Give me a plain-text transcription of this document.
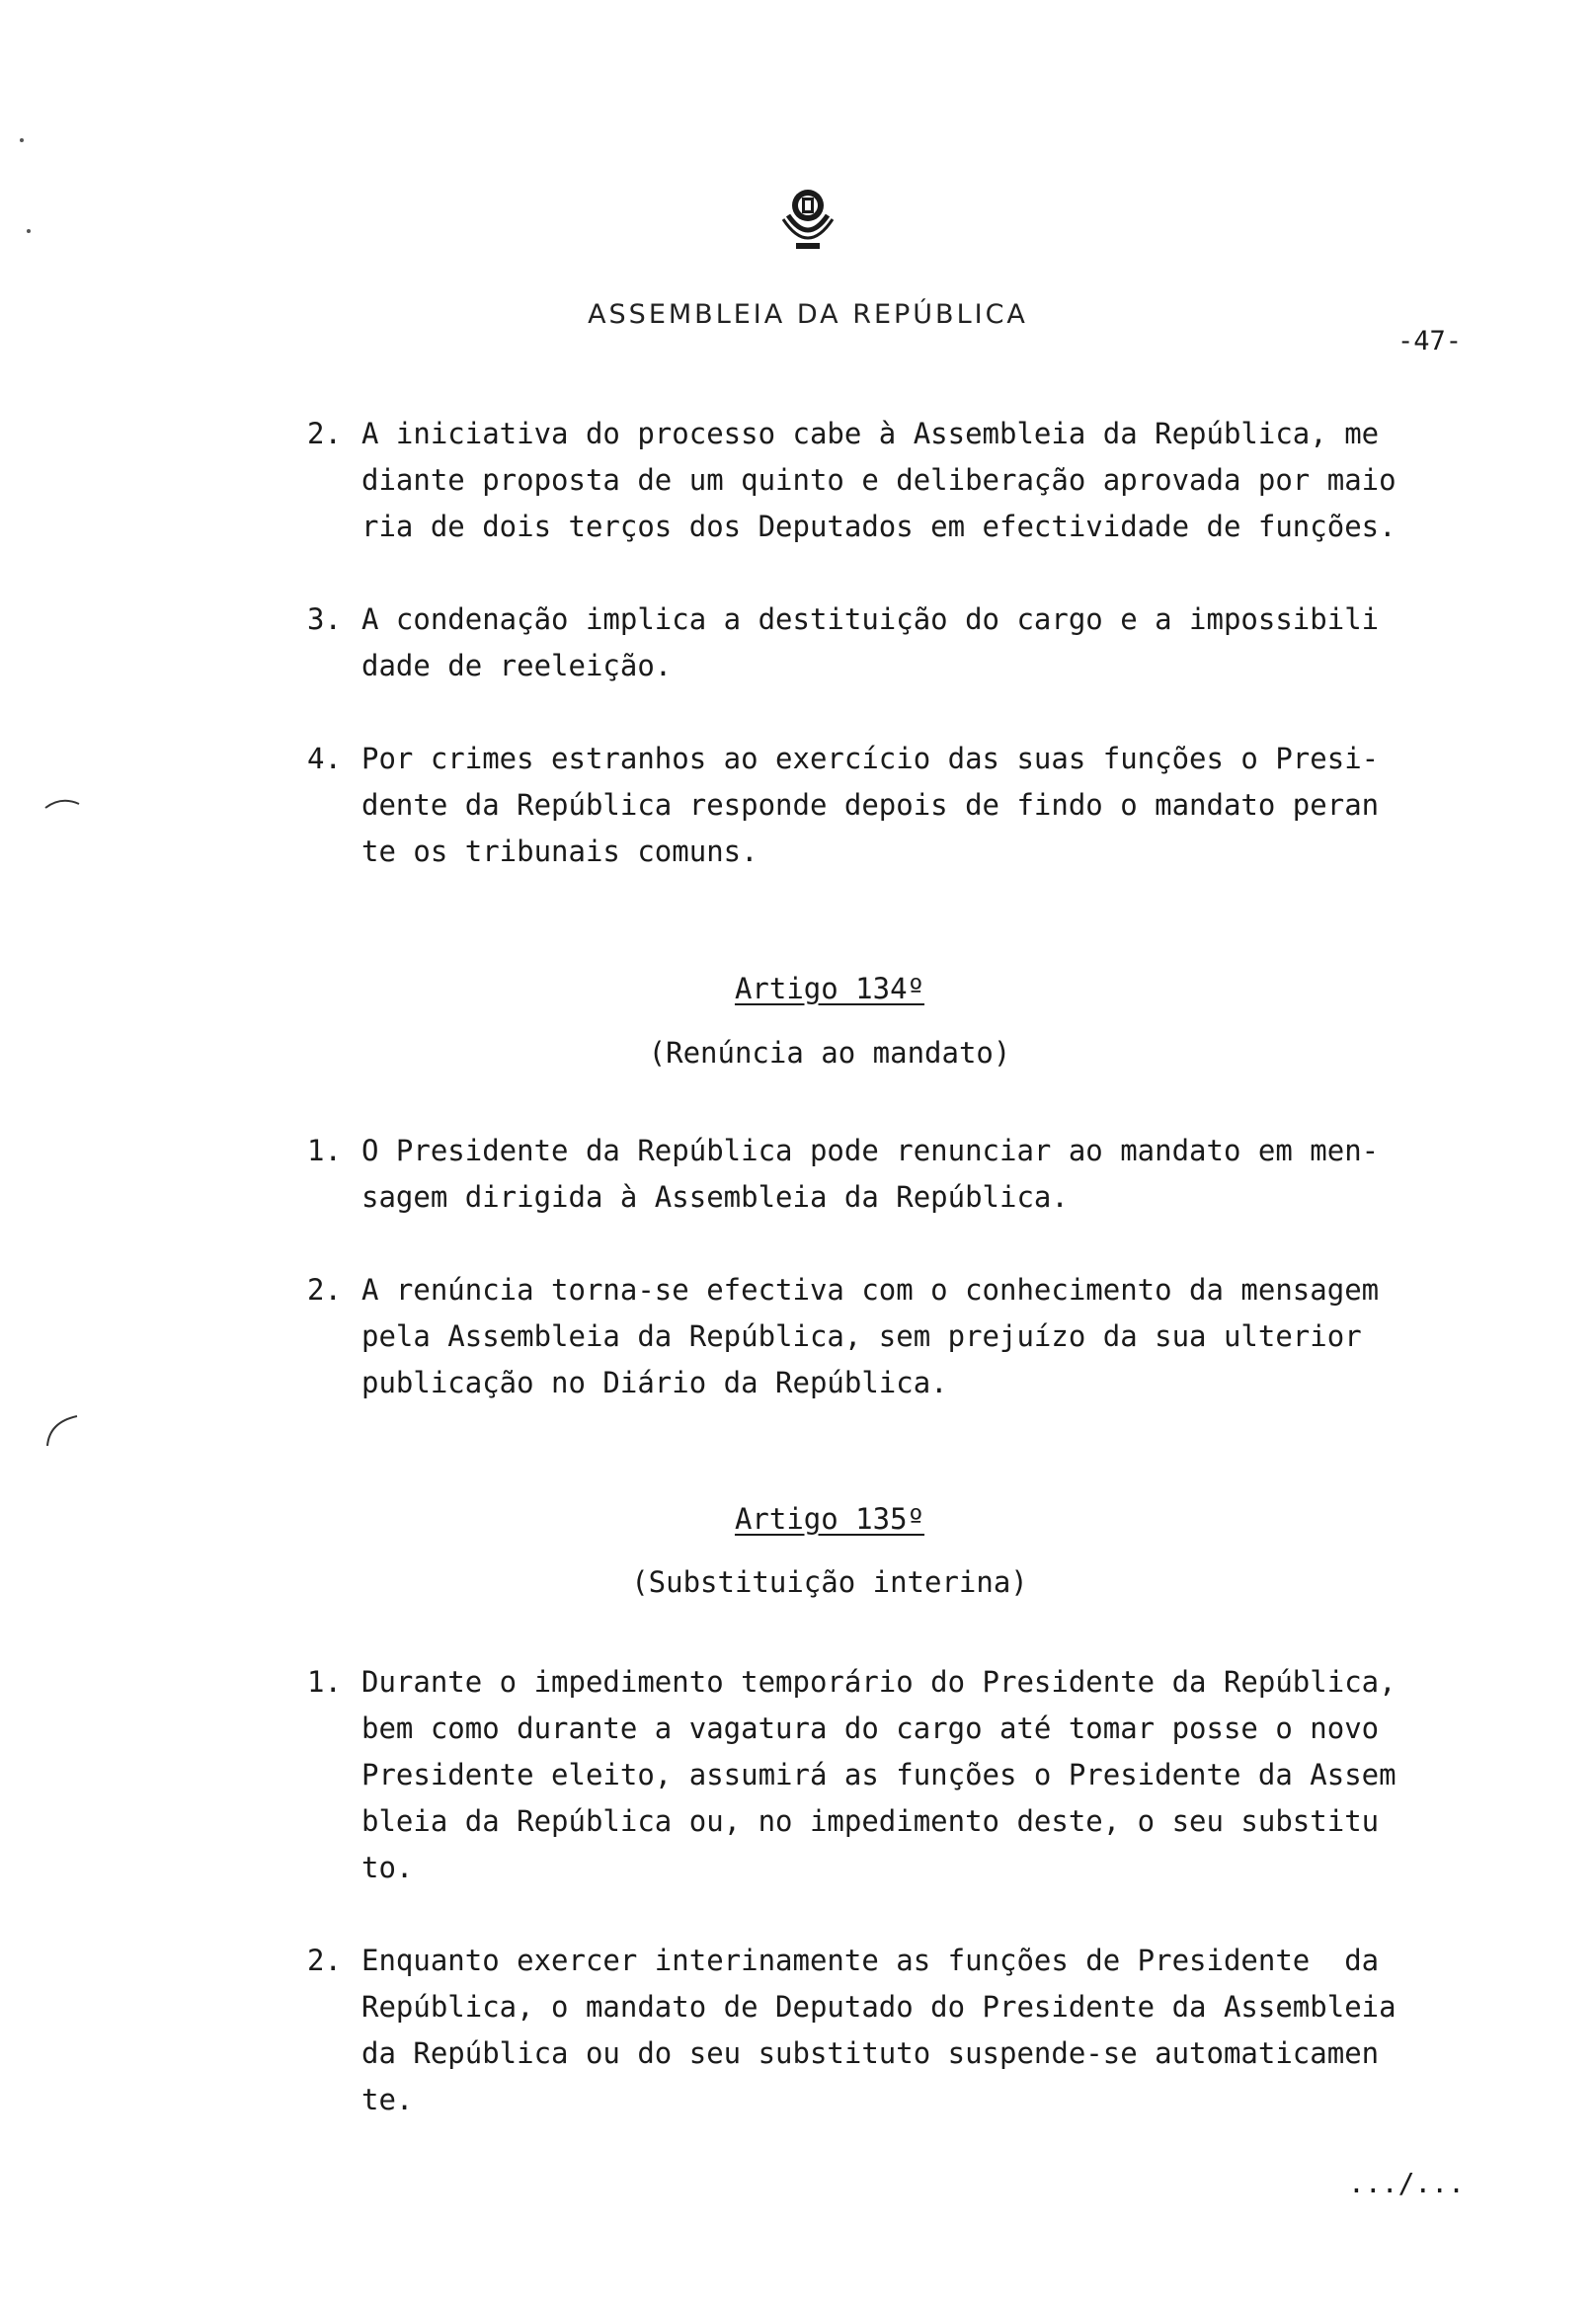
ASSEMBLEIA DA REPÚBLICA
-47-
2. A iniciativa do processo cabe à Assembleia da República, me
diante proposta de um quinto e deliberação aprovada por maio
ria de dois terços dos Deputados em efectividade de funções.
3. A condenação implica a destituição do cargo e a impossibili
dade de reeleição.
4. Por crimes estranhos ao exercício das suas funções o Presi-
dente da República responde depois de findo o mandato peran
te os tribunais comuns.
Artigo 134º
(Renúncia ao mandato)
1. O Presidente da República pode renunciar ao mandato em men-
sagem dirigida à Assembleia da República.
2. A renúncia torna-se efectiva com o conhecimento da mensagem
pela Assembleia da República, sem prejuízo da sua ulterior
publicação no Diário da República.
Artigo 135º
(Substituição interina)
1. Durante o impedimento temporário do Presidente da República,
bem como durante a vagatura do cargo até tomar posse o novo
Presidente eleito, assumirá as funções o Presidente da Assem
bleia da República ou, no impedimento deste, o seu substitu
to.
2. Enquanto exercer interinamente as funções de Presidente  da
República, o mandato de Deputado do Presidente da Assembleia
da República ou do seu substituto suspende-se automaticamen
te.
.../...
